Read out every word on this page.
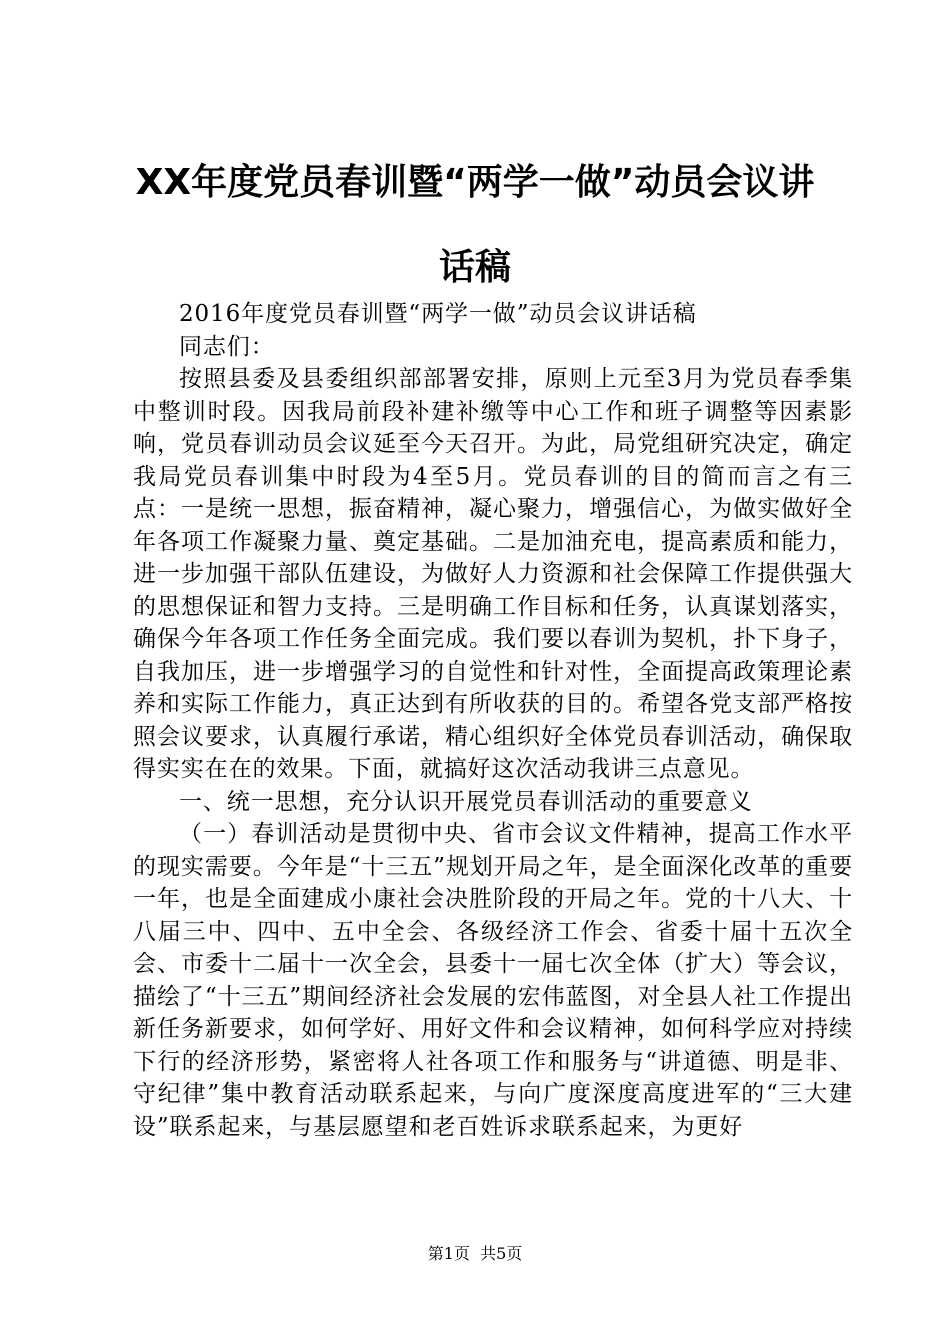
XX年度党员春训暨“两学一做”动员会议讲
话稿

2016年度党员春训暨“两学一做”动员会议讲话稿

同志们：

按照县委及县委组织部部署安排，原则上元至3月为党员春季集中整训时段。因我局前段补建补缴等中心工作和班子调整等因素影响，党员春训动员会议延至今天召开。为此，局党组研究决定，确定我局党员春训集中时段为4至5月。党员春训的目的简而言之有三点：一是统一思想，振奋精神，凝心聚力，增强信心，为做实做好全年各项工作凝聚力量、奠定基础。二是加油充电，提高素质和能力，进一步加强干部队伍建设，为做好人力资源和社会保障工作提供强大的思想保证和智力支持。三是明确工作目标和任务，认真谋划落实，确保今年各项工作任务全面完成。我们要以春训为契机，扑下身子，自我加压，进一步增强学习的自觉性和针对性，全面提高政策理论素养和实际工作能力，真正达到有所收获的目的。希望各党支部严格按照会议要求，认真履行承诺，精心组织好全体党员春训活动，确保取得实实在在的效果。下面，就搞好这次活动我讲三点意见。

一、统一思想，充分认识开展党员春训活动的重要意义

（一）春训活动是贯彻中央、省市会议文件精神，提高工作水平的现实需要。今年是“十三五”规划开局之年，是全面深化改革的重要一年，也是全面建成小康社会决胜阶段的开局之年。党的十八大、十八届三中、四中、五中全会、各级经济工作会、省委十届十五次全会、市委十二届十一次全会，县委十一届七次全体（扩大）等会议，描绘了“十三五”期间经济社会发展的宏伟蓝图，对全县人社工作提出新任务新要求，如何学好、用好文件和会议精神，如何科学应对持续下行的经济形势，紧密将人社各项工作和服务与“讲道德、明是非、守纪律”集中教育活动联系起来，与向广度深度高度进军的“三大建设”联系起来，与基层愿望和老百姓诉求联系起来，为更好

第1页  共5页
